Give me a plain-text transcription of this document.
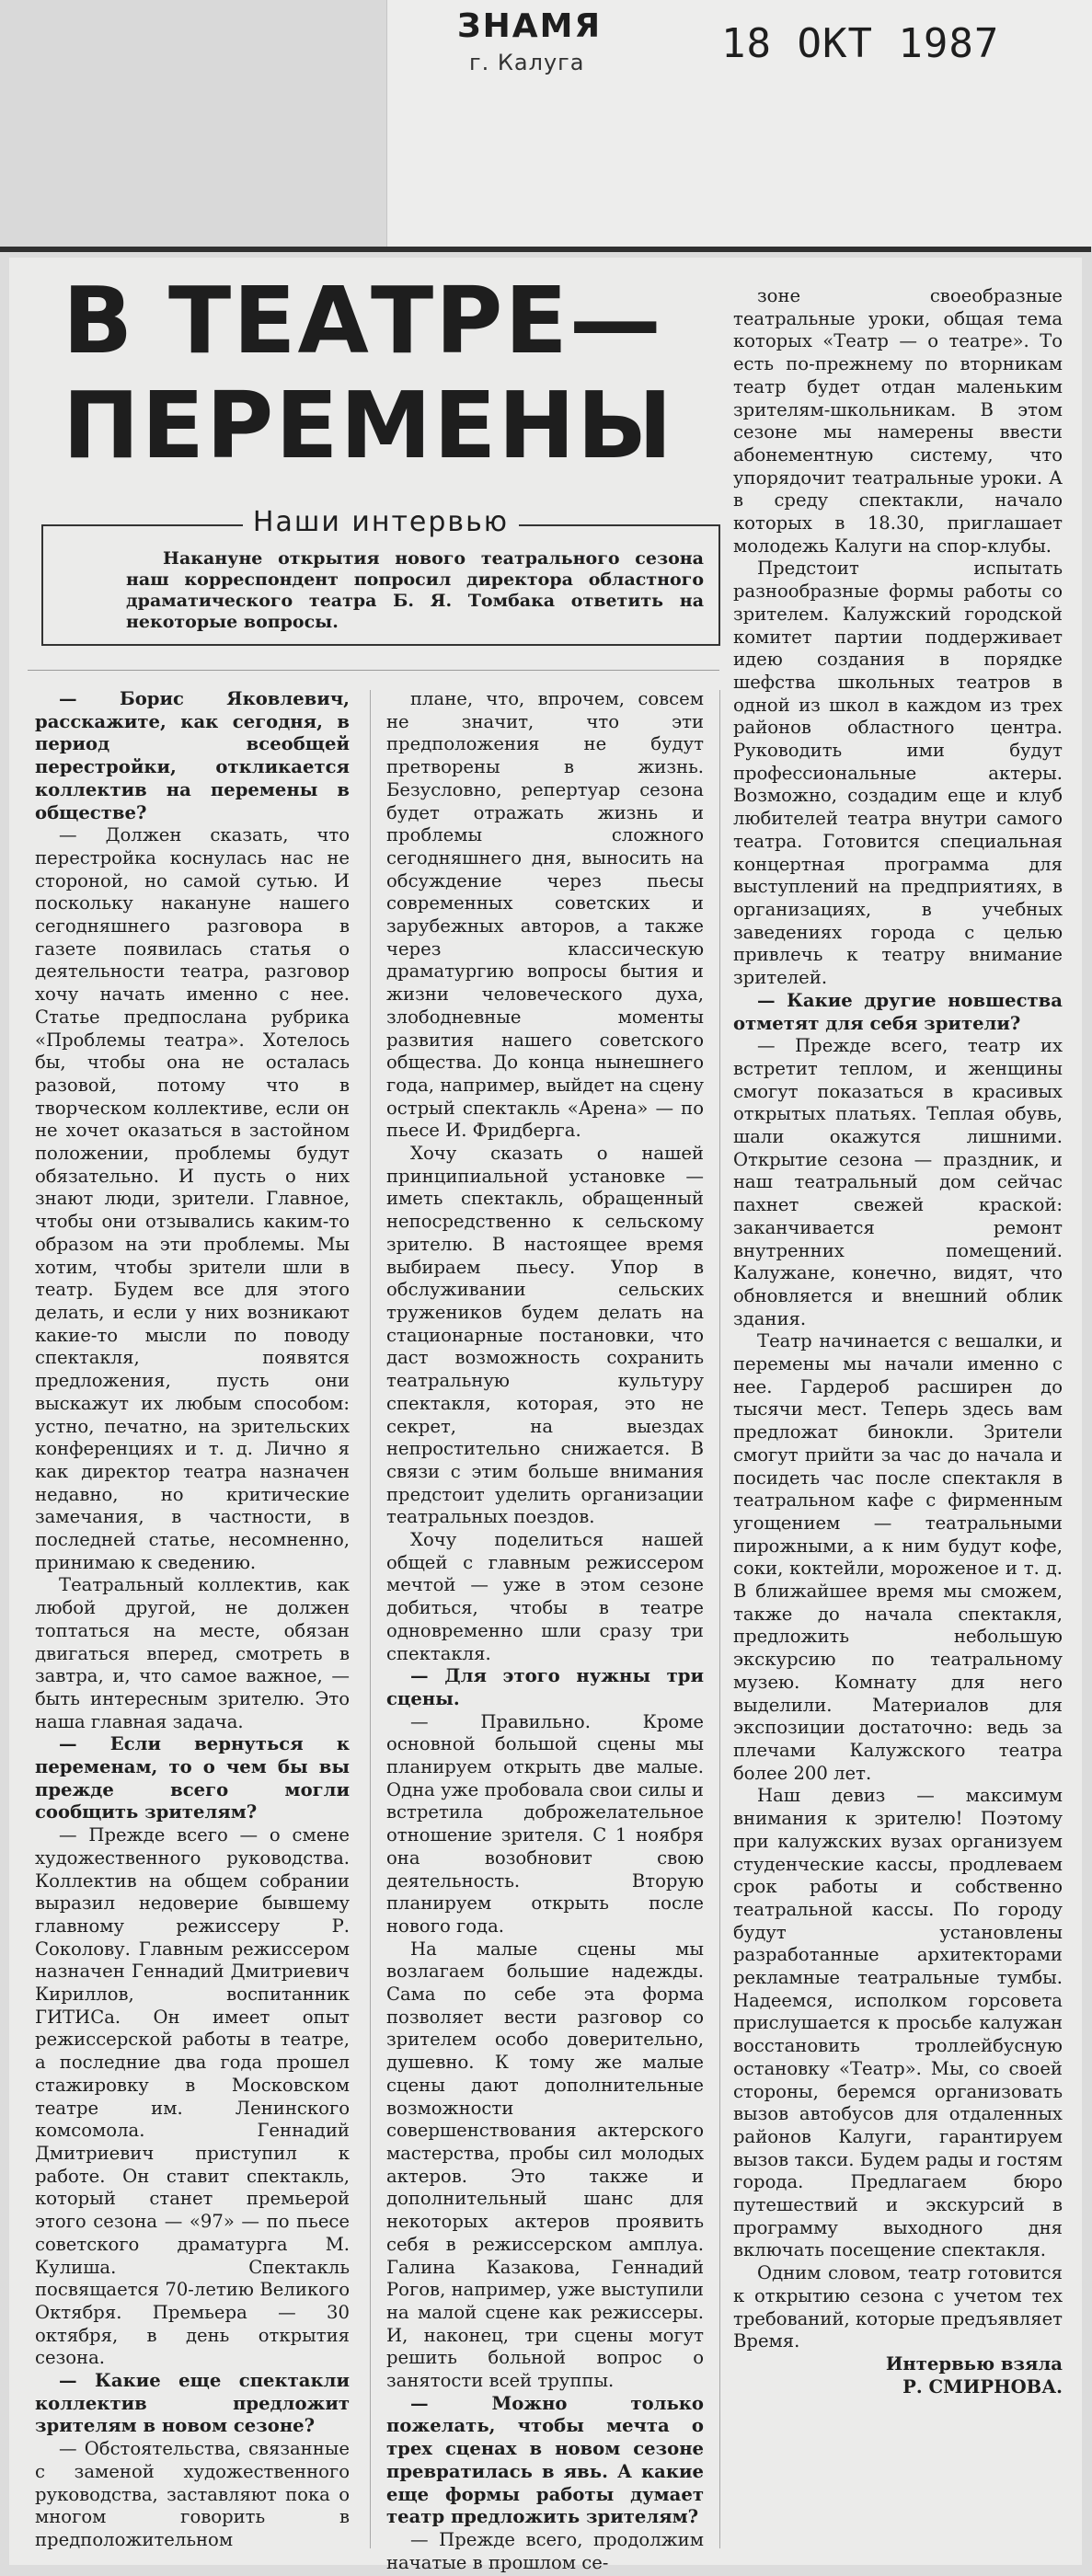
ЗНАМЯ
г. Калуга	18 ОКТ 1987
В ТЕАТРЕ—
ПЕРЕМЕНЫ
Наши интервью

Накануне открытия нового театрального сезона наш корреспондент попросил директора областного драматического театра Б. Я. Томбака ответить на некоторые вопросы.

— Борис Яковлевич, расскажите, как сегодня, в период всеобщей перестройки, откликается коллектив на перемены в обществе?

— Должен сказать, что перестройка коснулась нас не стороной, но самой сутью. И поскольку накануне нашего сегодняшнего разговора в газете появилась статья о деятельности театра, разговор хочу начать именно с нее. Статье предпослана рубрика «Проблемы театра». Хотелось бы, чтобы она не осталась разовой, потому что в творческом коллективе, если он не хочет оказаться в застойном положении, проблемы будут обязательно. И пусть о них знают люди, зрители. Главное, чтобы они отзывались каким-то образом на эти проблемы. Мы хотим, чтобы зрители шли в театр. Будем все для этого делать, и если у них возникают какие-то мысли по поводу спектакля, появятся предложения, пусть они выскажут их любым способом: устно, печатно, на зрительских конференциях и т. д. Лично я как директор театра назначен недавно, но критические замечания, в частности, в последней статье, несомненно, принимаю к сведению.

Театральный коллектив, как любой другой, не должен топтаться на месте, обязан двигаться вперед, смотреть в завтра, и, что самое важное, — быть интересным зрителю. Это наша главная задача.

— Если вернуться к переменам, то о чем бы вы прежде всего могли сообщить зрителям?

— Прежде всего — о смене художественного руководства. Коллектив на общем собрании выразил недоверие бывшему главному режиссеру Р. Соколову. Главным режиссером назначен Геннадий Дмитриевич Кириллов, воспитанник ГИТИСа. Он имеет опыт режиссерской работы в театре, а последние два года прошел стажировку в Московском театре им. Ленинского комсомола. Геннадий Дмитриевич приступил к работе. Он ставит спектакль, который станет премьерой этого сезона — «97» — по пьесе советского драматурга М. Кулиша. Спектакль посвящается 70-летию Великого Октября. Премьера — 30 октября, в день открытия сезона.

— Какие еще спектакли коллектив предложит зрителям в новом сезоне?

— Обстоятельства, связанные с заменой художественного руководства, заставляют пока о многом говорить в предположительном

плане, что, впрочем, совсем не значит, что эти предположения не будут претворены в жизнь. Безусловно, репертуар сезона будет отражать жизнь и проблемы сложного сегодняшнего дня, выносить на обсуждение через пьесы современных советских и зарубежных авторов, а также через классическую драматургию вопросы бытия и жизни человеческого духа, злободневные моменты развития нашего советского общества. До конца нынешнего года, например, выйдет на сцену острый спектакль «Арена» — по пьесе И. Фридберга.

Хочу сказать о нашей принципиальной установке — иметь спектакль, обращенный непосредственно к сельскому зрителю. В настоящее время выбираем пьесу. Упор в обслуживании сельских тружеников будем делать на стационарные постановки, что даст возможность сохранить театральную культуру спектакля, которая, это не секрет, на выездах непростительно снижается. В связи с этим больше внимания предстоит уделить организации театральных поездов.

Хочу поделиться нашей общей с главным режиссером мечтой — уже в этом сезоне добиться, чтобы в театре одновременно шли сразу три спектакля.

— Для этого нужны три сцены.

— Правильно. Кроме основной большой сцены мы планируем открыть две малые. Одна уже пробовала свои силы и встретила доброжелательное отношение зрителя. С 1 ноября она возобновит свою деятельность. Вторую планируем открыть после нового года.

На малые сцены мы возлагаем большие надежды. Сама по себе эта форма позволяет вести разговор со зрителем особо доверительно, душевно. К тому же малые сцены дают дополнительные возможности совершенствования актерского мастерства, пробы сил молодых актеров. Это также и дополнительный шанс для некоторых актеров проявить себя в режиссерском амплуа. Галина Казакова, Геннадий Рогов, например, уже выступили на малой сцене как режиссеры. И, наконец, три сцены могут решить больной вопрос о занятости всей труппы.

— Можно только пожелать, чтобы мечта о трех сценах в новом сезоне превратилась в явь. А какие еще формы работы думает театр предложить зрителям?

— Прежде всего, продолжим начатые в прошлом се-

зоне своеобразные театральные уроки, общая тема которых «Театр — о театре». То есть по-прежнему по вторникам театр будет отдан маленьким зрителям-школьникам. В этом сезоне мы намерены ввести абонементную систему, что упорядочит театральные уроки. А в среду спектакли, начало которых в 18.30, приглашает молодежь Калуги на спор-клубы.

Предстоит испытать разнообразные формы работы со зрителем. Калужский городской комитет партии поддерживает идею создания в порядке шефства школьных театров в одной из школ в каждом из трех районов областного центра. Руководить ими будут профессиональные актеры. Возможно, создадим еще и клуб любителей театра внутри самого театра. Готовится специальная концертная программа для выступлений на предприятиях, в организациях, в учебных заведениях города с целью привлечь к театру внимание зрителей.

— Какие другие новшества отметят для себя зрители?

— Прежде всего, театр их встретит теплом, и женщины смогут показаться в красивых открытых платьях. Теплая обувь, шали окажутся лишними. Открытие сезона — праздник, и наш театральный дом сейчас пахнет свежей краской: заканчивается ремонт внутренних помещений. Калужане, конечно, видят, что обновляется и внешний облик здания.

Театр начинается с вешалки, и перемены мы начали именно с нее. Гардероб расширен до тысячи мест. Теперь здесь вам предложат бинокли. Зрители смогут прийти за час до начала и посидеть час после спектакля в театральном кафе с фирменным угощением — театральными пирожными, а к ним будут кофе, соки, коктейли, мороженое и т. д. В ближайшее время мы сможем, также до начала спектакля, предложить небольшую экскурсию по театральному музею. Комнату для него выделили. Материалов для экспозиции достаточно: ведь за плечами Калужского театра более 200 лет.

Наш девиз — максимум внимания к зрителю! Поэтому при калужских вузах организуем студенческие кассы, продлеваем срок работы и собственно театральной кассы. По городу будут установлены разработанные архитекторами рекламные театральные тумбы. Надеемся, исполком горсовета прислушается к просьбе калужан восстановить троллейбусную остановку «Театр». Мы, со своей стороны, беремся организовать вызов автобусов для отдаленных районов Калуги, гарантируем вызов такси. Будем рады и гостям города. Предлагаем бюро путешествий и экскурсий в программу выходного дня включать посещение спектакля.

Одним словом, театр готовится к открытию сезона с учетом тех требований, которые предъявляет Время.

Интервью взяла

Р. СМИРНОВА.
